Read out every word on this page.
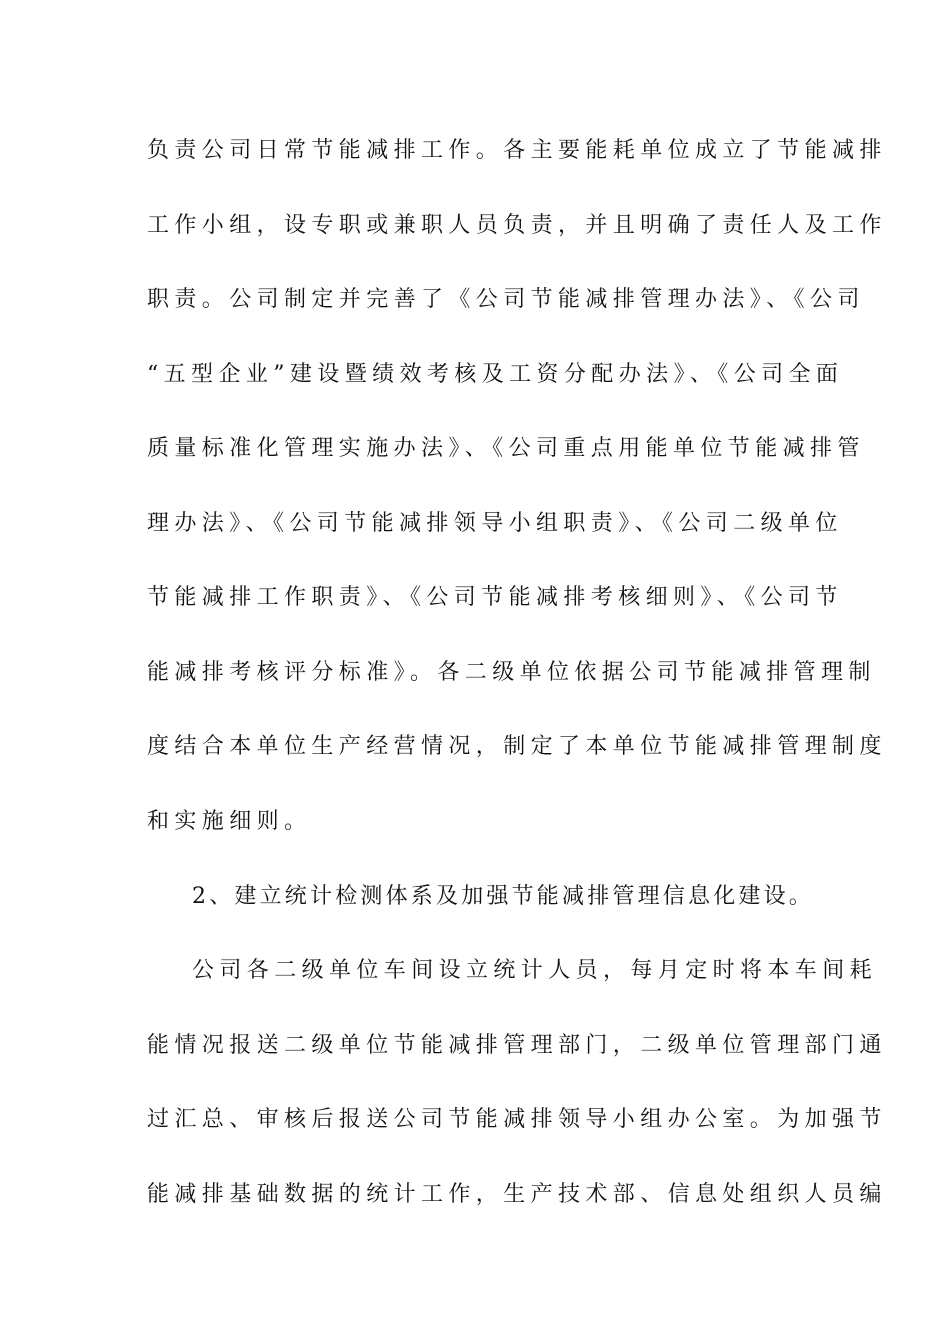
负责公司日常节能减排工作。各主要能耗单位成立了节能减排
工作小组，设专职或兼职人员负责，并且明确了责任人及工作
职责。公司制定并完善了《公司节能减排管理办法》、《公司
“五型企业”建设暨绩效考核及工资分配办法》、《公司全面
质量标准化管理实施办法》、《公司重点用能单位节能减排管
理办法》、《公司节能减排领导小组职责》、《公司二级单位
节能减排工作职责》、《公司节能减排考核细则》、《公司节
能减排考核评分标准》。各二级单位依据公司节能减排管理制
度结合本单位生产经营情况，制定了本单位节能减排管理制度
和实施细则。
2、建立统计检测体系及加强节能减排管理信息化建设。
公司各二级单位车间设立统计人员，每月定时将本车间耗
能情况报送二级单位节能减排管理部门，二级单位管理部门通
过汇总、审核后报送公司节能减排领导小组办公室。为加强节
能减排基础数据的统计工作，生产技术部、信息处组织人员编
